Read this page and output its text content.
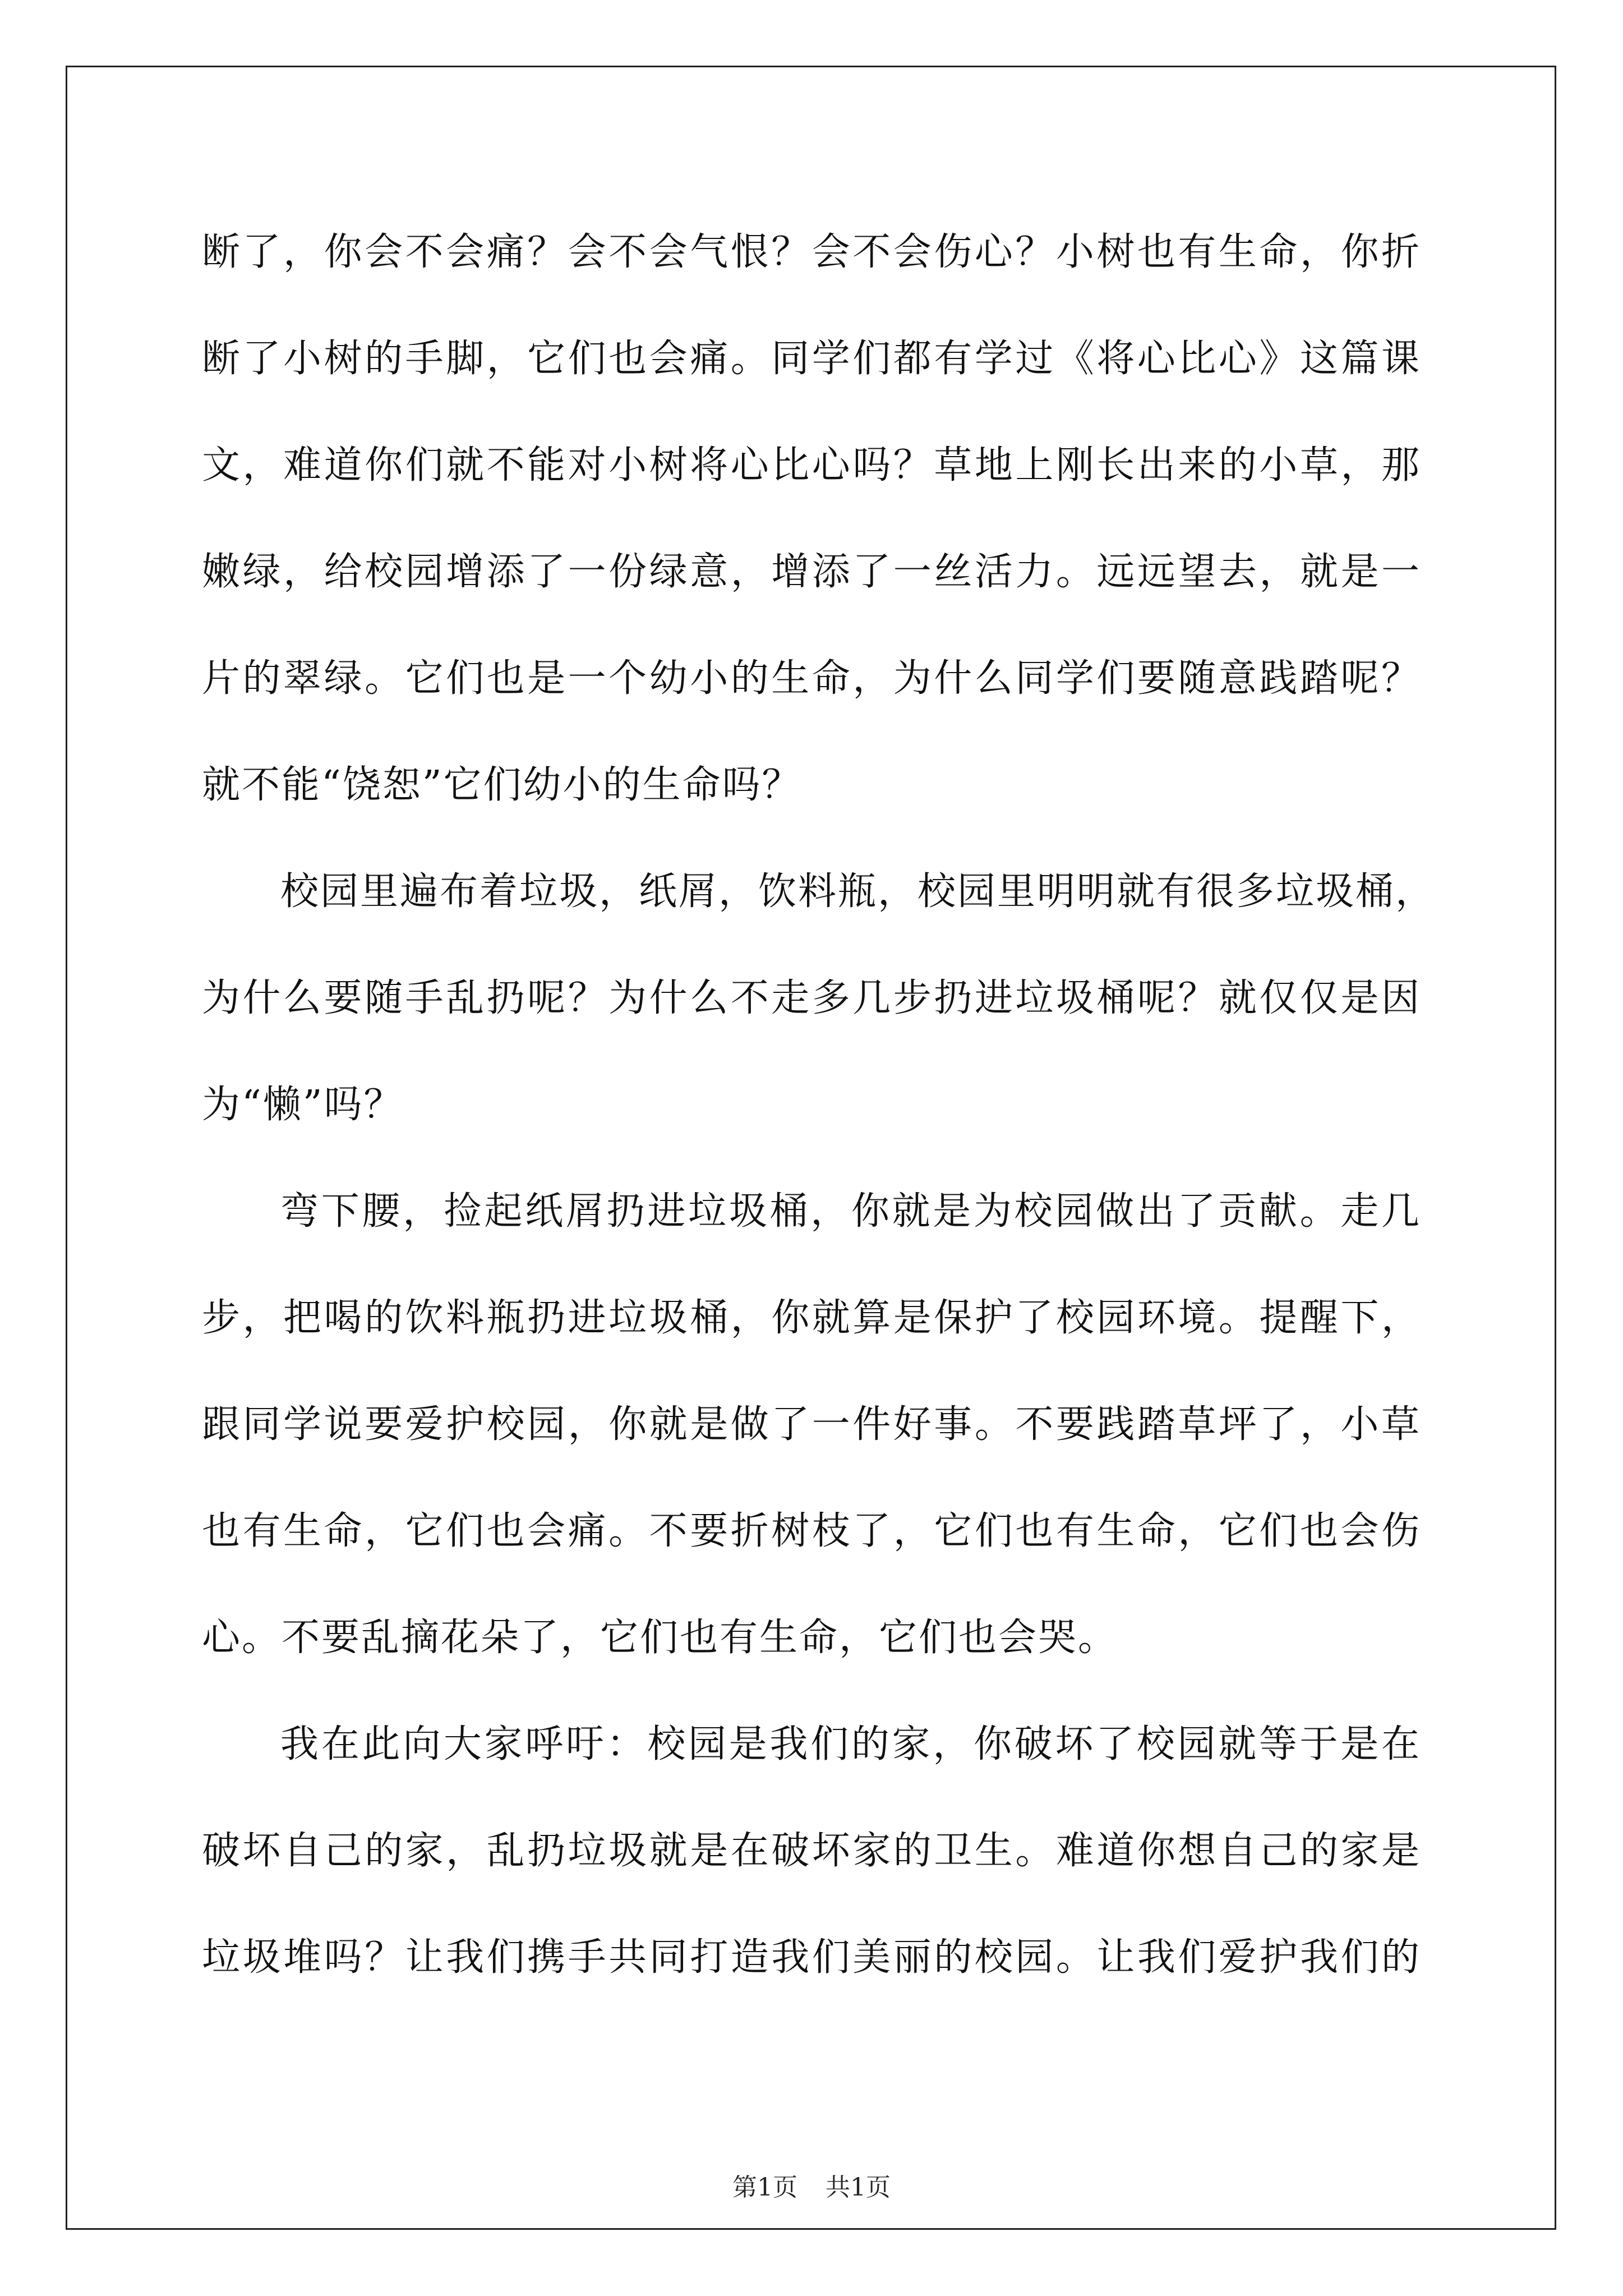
断了，你会不会痛？会不会气恨？会不会伤心？小树也有生命，你折
断了小树的手脚，它们也会痛。同学们都有学过《将心比心》这篇课
文，难道你们就不能对小树将心比心吗？草地上刚长出来的小草，那
嫩绿，给校园增添了一份绿意，增添了一丝活力。远远望去，就是一
片的翠绿。它们也是一个幼小的生命，为什么同学们要随意践踏呢？
就不能“饶恕”它们幼小的生命吗？
校园里遍布着垃圾，纸屑，饮料瓶，校园里明明就有很多垃圾桶，
为什么要随手乱扔呢？为什么不走多几步扔进垃圾桶呢？就仅仅是因
为“懒”吗？
弯下腰，捡起纸屑扔进垃圾桶，你就是为校园做出了贡献。走几
步，把喝的饮料瓶扔进垃圾桶，你就算是保护了校园环境。提醒下，
跟同学说要爱护校园，你就是做了一件好事。不要践踏草坪了，小草
也有生命，它们也会痛。不要折树枝了，它们也有生命，它们也会伤
心。不要乱摘花朵了，它们也有生命，它们也会哭。
我在此向大家呼吁：校园是我们的家，你破坏了校园就等于是在
破坏自己的家，乱扔垃圾就是在破坏家的卫生。难道你想自己的家是
垃圾堆吗？让我们携手共同打造我们美丽的校园。让我们爱护我们的
第1页 共1页
